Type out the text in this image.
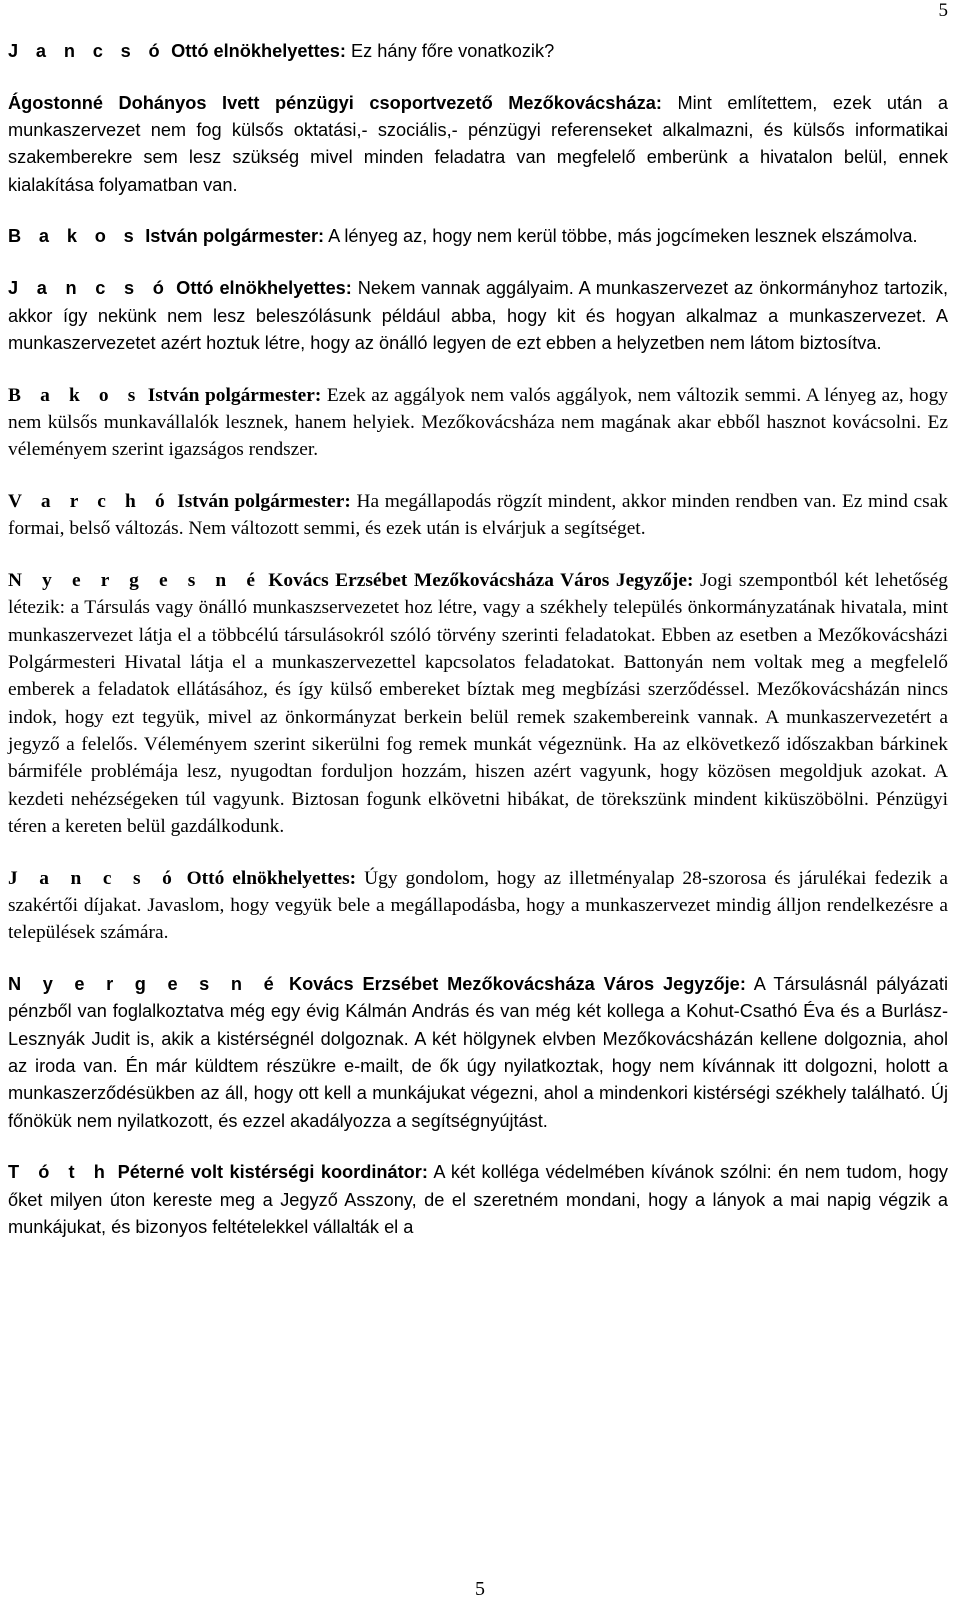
5

J a n c s ó Ottó elnökhelyettes: Ez hány főre vonatkozik?

Ágostonné Dohányos Ivett pénzügyi csoportvezető Mezőkovácsháza: Mint említettem, ezek után a munkaszervezet nem fog külsős oktatási,- szociális,- pénzügyi referenseket alkalmazni, és külsős informatikai szakemberekre sem lesz szükség mivel minden feladatra van megfelelő emberünk a hivatalon belül, ennek kialakítása folyamatban van.

B a k o s István polgármester: A lényeg az, hogy nem kerül többe, más jogcímeken lesznek elszámolva.

J a n c s ó Ottó elnökhelyettes: Nekem vannak aggályaim. A munkaszervezet az önkormányhoz tartozik, akkor így nekünk nem lesz beleszólásunk például abba, hogy kit és hogyan alkalmaz a munkaszervezet. A munkaszervezetet azért hoztuk létre, hogy az önálló legyen de ezt ebben a helyzetben nem látom biztosítva.

B a k o s István polgármester: Ezek az aggályok nem valós aggályok, nem változik semmi. A lényeg az, hogy nem külsős munkavállalók lesznek, hanem helyiek. Mezőkovácsháza nem magának akar ebből hasznot kovácsolni. Ez véleményem szerint igazságos rendszer.

V a r c h ó István polgármester: Ha megállapodás rögzít mindent, akkor minden rendben van. Ez mind csak formai, belső változás. Nem változott semmi, és ezek után is elvárjuk a segítséget.

N y e r g e s n é Kovács Erzsébet Mezőkovácsháza Város Jegyzője: Jogi szempontból két lehetőség létezik: a Társulás vagy önálló munkaszservezetet hoz létre, vagy a székhely település önkormányzatának hivatala, mint munkaszervezet látja el a többcélú társulásokról szóló törvény szerinti feladatokat. Ebben az esetben a Mezőkovácsházi Polgármesteri Hivatal látja el a munkaszervezettel kapcsolatos feladatokat. Battonyán nem voltak meg a megfelelő emberek a feladatok ellátásához, és így külső embereket bíztak meg megbízási szerződéssel. Mezőkovácsházán nincs indok, hogy ezt tegyük, mivel az önkormányzat berkein belül remek szakembereink vannak. A munkaszervezetért a jegyző a felelős. Véleményem szerint sikerülni fog remek munkát végeznünk. Ha az elkövetkező időszakban bárkinek bármiféle problémája lesz, nyugodtan forduljon hozzám, hiszen azért vagyunk, hogy közösen megoldjuk azokat. A kezdeti nehézségeken túl vagyunk. Biztosan fogunk elkövetni hibákat, de törekszünk mindent kiküszöbölni. Pénzügyi téren a kereten belül gazdálkodunk.

J a n c s ó Ottó elnökhelyettes: Úgy gondolom, hogy az illetményalap 28-szorosa és járulékai fedezik a szakértői díjakat. Javaslom, hogy vegyük bele a megállapodásba, hogy a munkaszervezet mindig álljon rendelkezésre a települések számára.

N y e r g e s n é Kovács Erzsébet Mezőkovácsháza Város Jegyzője: A Társulásnál pályázati pénzből van foglalkoztatva még egy évig Kálmán András és van még két kollega a Kohut-Csathó Éva és a Burlász-Lesznyák Judit is, akik a kistérségnél dolgoznak. A két hölgynek elvben Mezőkovácsházán kellene dolgoznia, ahol az iroda van. Én már küldtem részükre e-mailt, de ők úgy nyilatkoztak, hogy nem kívánnak itt dolgozni, holott a munkaszerződésükben az áll, hogy ott kell a munkájukat végezni, ahol a mindenkori kistérségi székhely található. Új főnökük nem nyilatkozott, és ezzel akadályozza a segítségnyújtást.

T ó t h Péterné volt kistérségi koordinátor: A két kolléga védelmében kívánok szólni: én nem tudom, hogy őket milyen úton kereste meg a Jegyző Asszony, de el szeretném mondani, hogy a lányok a mai napig végzik a munkájukat, és bizonyos feltételekkel vállalták el a

5
